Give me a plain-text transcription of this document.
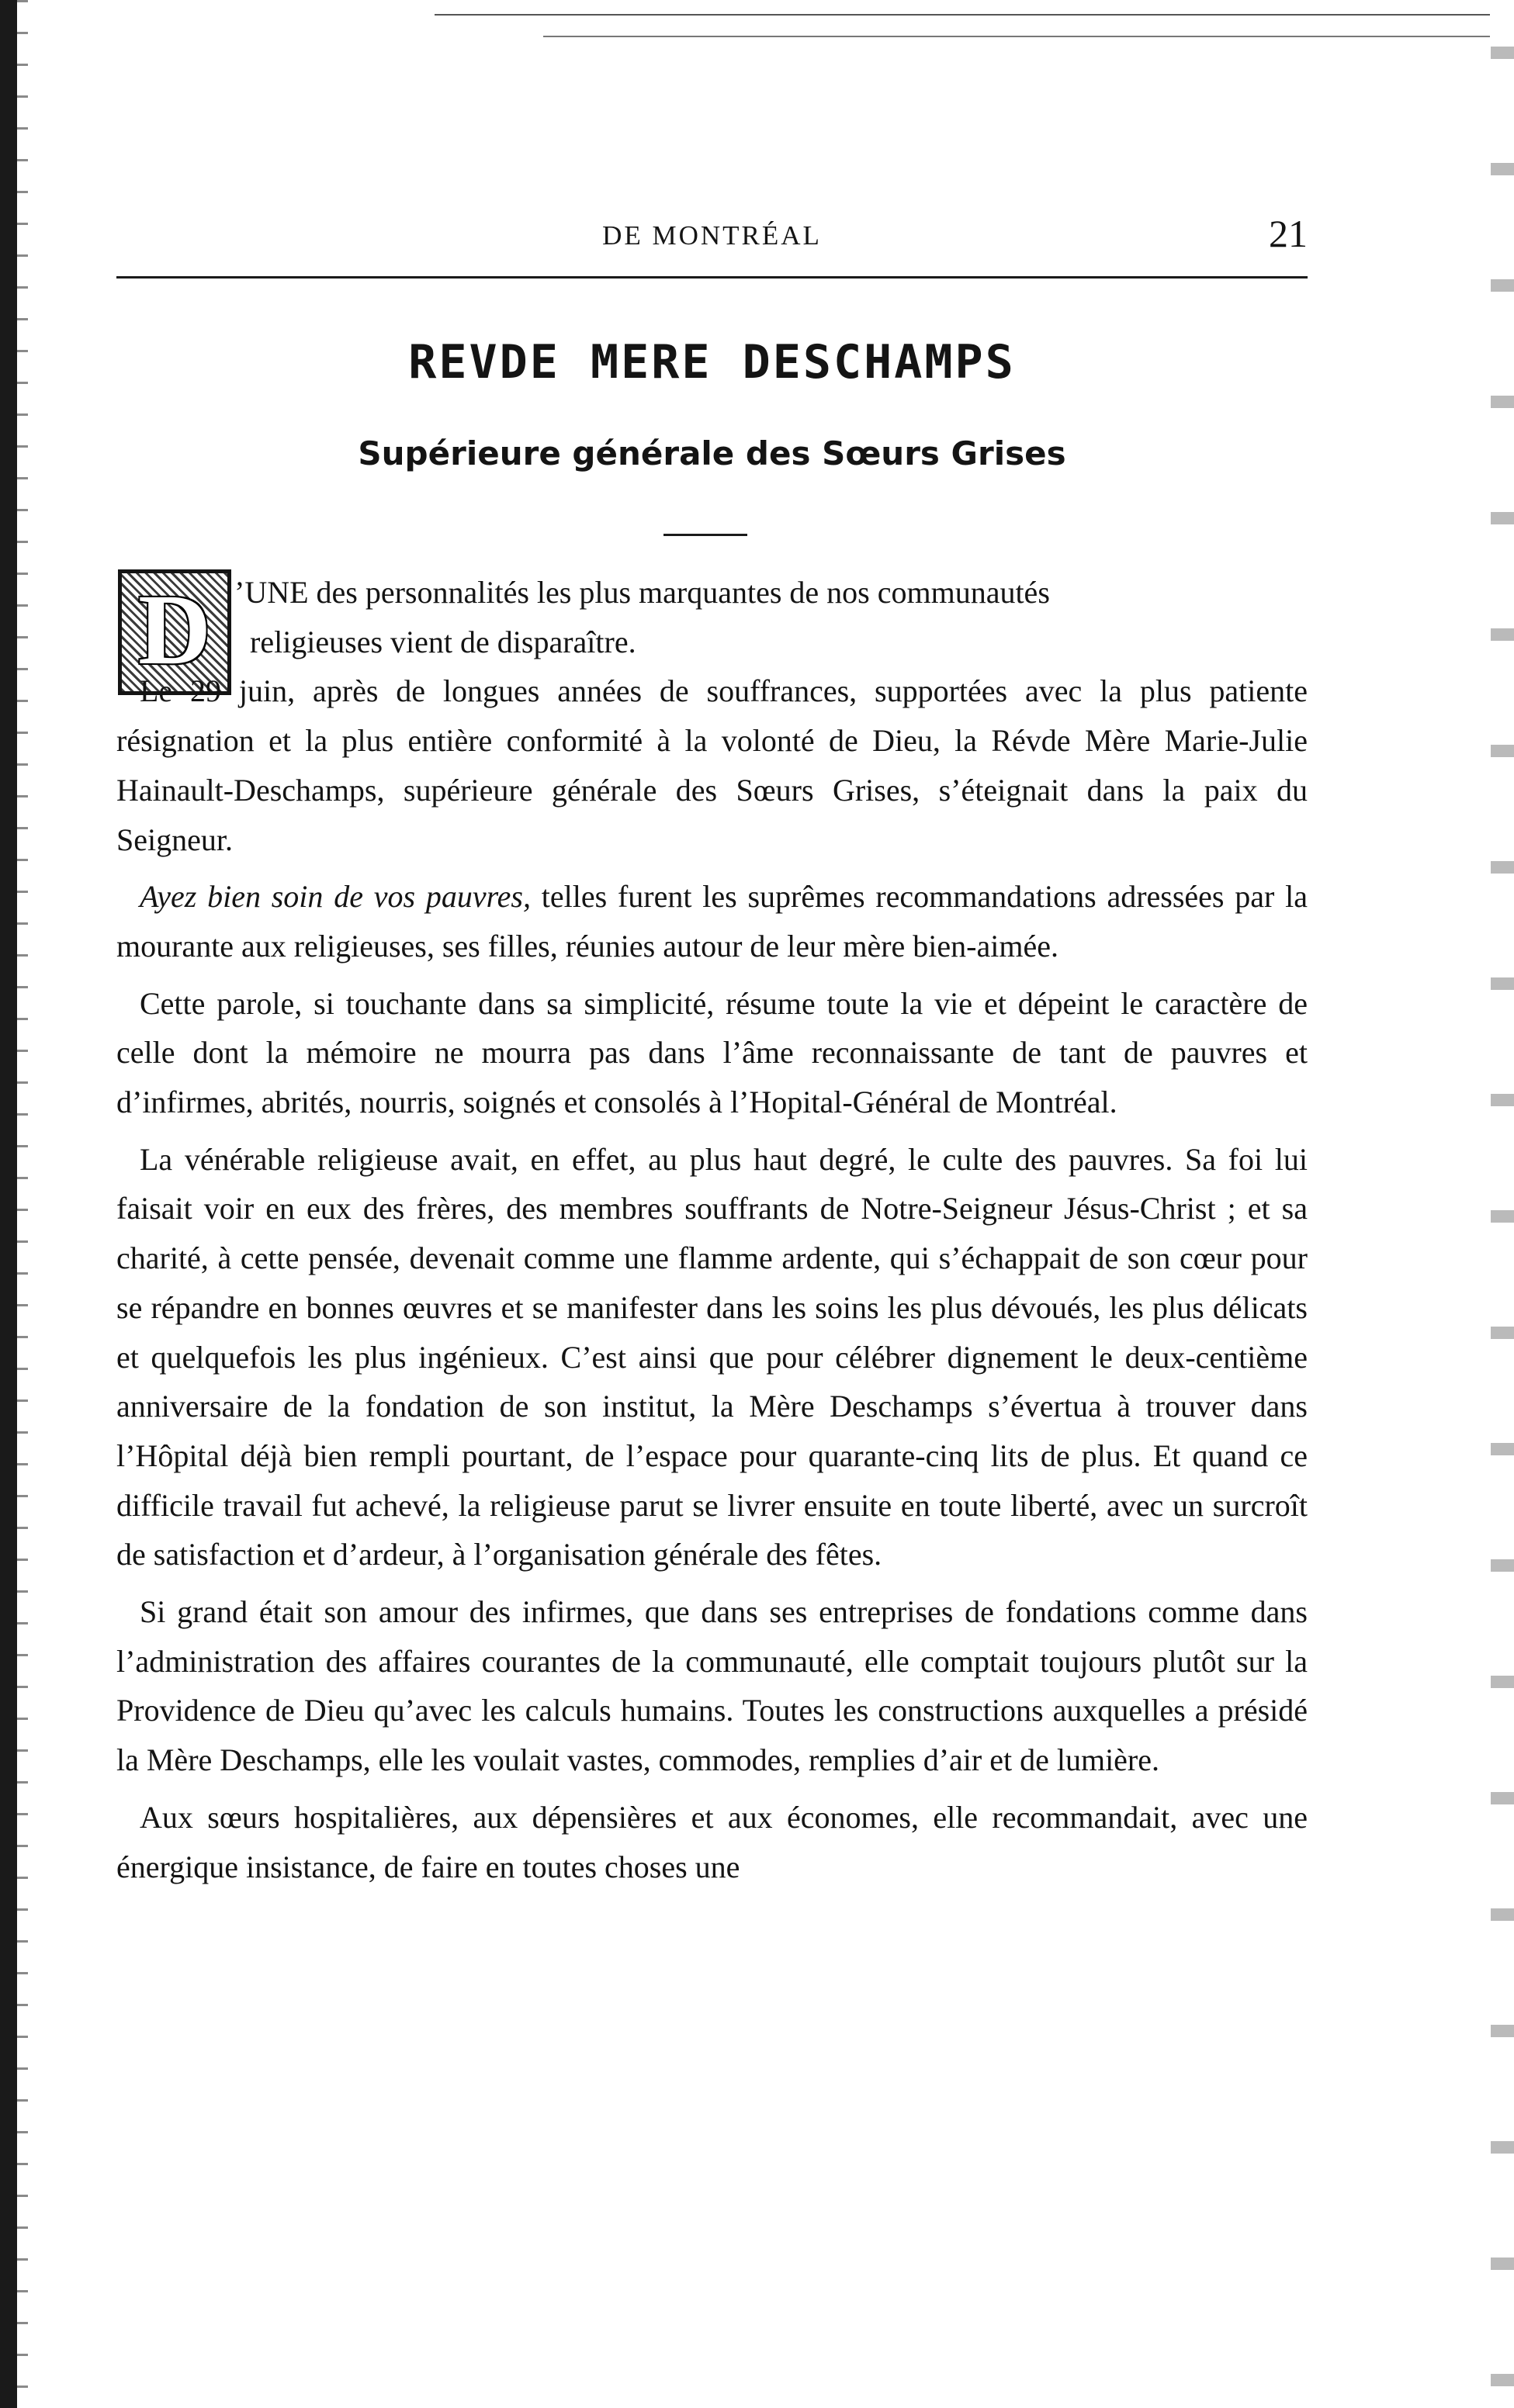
DE MONTRÉAL	21
REVDE MERE DESCHAMPS
Supérieure générale des Sœurs Grises
D ’UNE des personnalités les plus marquantes de nos communautés
religieuses vient de disparaître.

Le 29 juin, après de longues années de souffrances, supportées avec la plus patiente résignation et la plus entière conformité à la volonté de Dieu, la Révde Mère Marie-Julie Hainault-Deschamps, supérieure générale des Sœurs Grises, s’éteignait dans la paix du Seigneur.

Ayez bien soin de vos pauvres, telles furent les suprêmes recommandations adressées par la mourante aux religieuses, ses filles, réunies autour de leur mère bien-aimée.

Cette parole, si touchante dans sa simplicité, résume toute la vie et dépeint le caractère de celle dont la mémoire ne mourra pas dans l’âme reconnaissante de tant de pauvres et d’infirmes, abrités, nourris, soignés et consolés à l’Hopital-Général de Montréal.

La vénérable religieuse avait, en effet, au plus haut degré, le culte des pauvres. Sa foi lui faisait voir en eux des frères, des membres souffrants de Notre-Seigneur Jésus-Christ ; et sa charité, à cette pensée, devenait comme une flamme ardente, qui s’échappait de son cœur pour se répandre en bonnes œuvres et se manifester dans les soins les plus dévoués, les plus délicats et quelquefois les plus ingénieux. C’est ainsi que pour célébrer dignement le deux-centième anniversaire de la fondation de son institut, la Mère Deschamps s’évertua à trouver dans l’Hôpital déjà bien rempli pourtant, de l’espace pour quarante-cinq lits de plus. Et quand ce difficile travail fut achevé, la religieuse parut se livrer ensuite en toute liberté, avec un surcroît de satisfaction et d’ardeur, à l’organisation générale des fêtes.

Si grand était son amour des infirmes, que dans ses entreprises de fondations comme dans l’administration des affaires courantes de la communauté, elle comptait toujours plutôt sur la Providence de Dieu qu’avec les calculs humains. Toutes les constructions auxquelles a présidé la Mère Deschamps, elle les voulait vastes, commodes, remplies d’air et de lumière.

Aux sœurs hospitalières, aux dépensières et aux économes, elle recommandait, avec une énergique insistance, de faire en toutes choses une
